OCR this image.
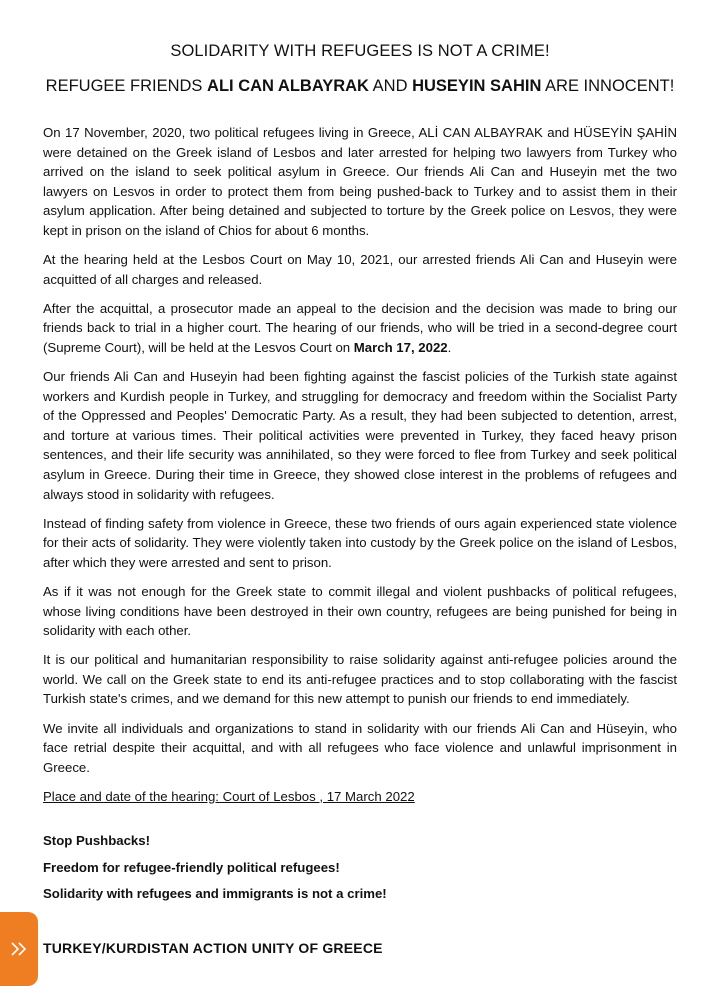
SOLIDARITY WITH REFUGEES IS NOT A CRIME!
REFUGEE FRIENDS ALI CAN ALBAYRAK AND HUSEYIN SAHIN ARE INNOCENT!

On 17 November, 2020, two political refugees living in Greece, ALİ CAN ALBAYRAK and HÜSEYİN ŞAHİN were detained on the Greek island of Lesbos and later arrested for helping two lawyers from Turkey who arrived on the island to seek political asylum in Greece. Our friends Ali Can and Huseyin met the two lawyers on Lesvos in order to protect them from being pushed-back to Turkey and to assist them in their asylum application. After being detained and subjected to torture by the Greek police on Lesvos, they were kept in prison on the island of Chios for about 6 months.

At the hearing held at the Lesbos Court on May 10, 2021, our arrested friends Ali Can and Huseyin were acquitted of all charges and released.

After the acquittal, a prosecutor made an appeal to the decision and the decision was made to bring our friends back to trial in a higher court. The hearing of our friends, who will be tried in a second-degree court (Supreme Court), will be held at the Lesvos Court on March 17, 2022.

Our friends Ali Can and Huseyin had been fighting against the fascist policies of the Turkish state against workers and Kurdish people in Turkey, and struggling for democracy and freedom within the Socialist Party of the Oppressed and Peoples' Democratic Party. As a result, they had been subjected to detention, arrest, and torture at various times. Their political activities were prevented in Turkey, they faced heavy prison sentences, and their life security was annihilated, so they were forced to flee from Turkey and seek political asylum in Greece. During their time in Greece, they showed close interest in the problems of refugees and always stood in solidarity with refugees.

Instead of finding safety from violence in Greece, these two friends of ours again experienced state violence for their acts of solidarity. They were violently taken into custody by the Greek police on the island of Lesbos, after which they were arrested and sent to prison.

As if it was not enough for the Greek state to commit illegal and violent pushbacks of political refugees, whose living conditions have been destroyed in their own country, refugees are being punished for being in solidarity with each other.

It is our political and humanitarian responsibility to raise solidarity against anti-refugee policies around the world. We call on the Greek state to end its anti-refugee practices and to stop collaborating with the fascist Turkish state's crimes, and we demand for this new attempt to punish our friends to end immediately.

We invite all individuals and organizations to stand in solidarity with our friends Ali Can and Hüseyin, who face retrial despite their acquittal, and with all refugees who face violence and unlawful imprisonment in Greece.

Place and date of the hearing: Court of Lesbos , 17 March 2022

Stop Pushbacks!

Freedom for refugee-friendly political refugees!

Solidarity with refugees and immigrants is not a crime!

TURKEY/KURDISTAN ACTION UNITY OF GREECE
